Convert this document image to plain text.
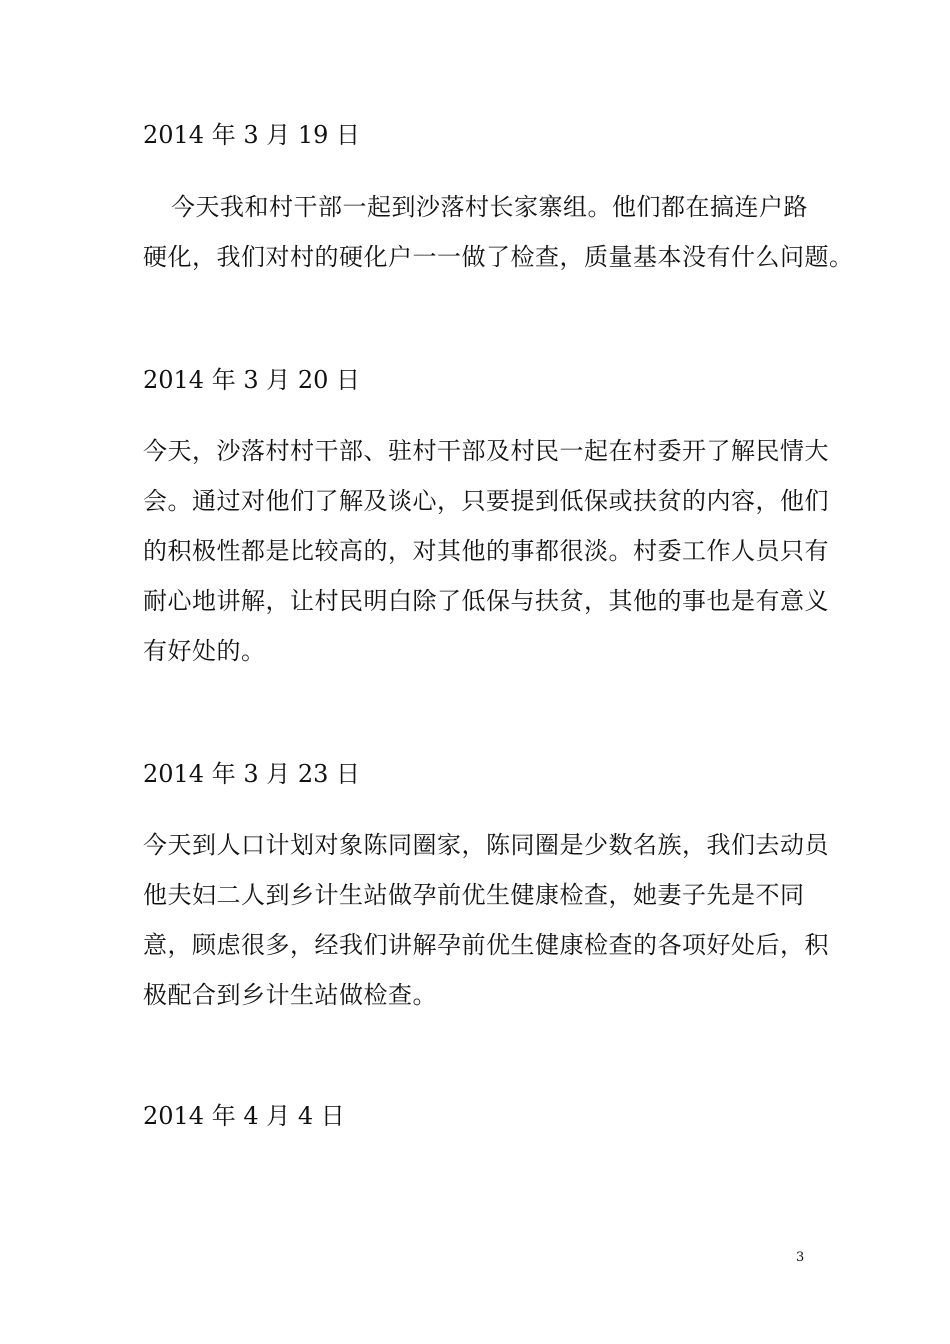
2014 年 3 月 19 日
今天我和村干部一起到沙落村长家寨组。他们都在搞连户路
硬化，我们对村的硬化户一一做了检查，质量基本没有什么问题。
2014 年 3 月 20 日
今天，沙落村村干部、驻村干部及村民一起在村委开了解民情大
会。通过对他们了解及谈心，只要提到低保或扶贫的内容，他们
的积极性都是比较高的，对其他的事都很淡。村委工作人员只有
耐心地讲解，让村民明白除了低保与扶贫，其他的事也是有意义
有好处的。
2014 年 3 月 23 日
今天到人口计划对象陈同圈家，陈同圈是少数名族，我们去动员
他夫妇二人到乡计生站做孕前优生健康检查，她妻子先是不同
意，顾虑很多，经我们讲解孕前优生健康检查的各项好处后，积
极配合到乡计生站做检查。
2014 年 4 月 4 日
3
